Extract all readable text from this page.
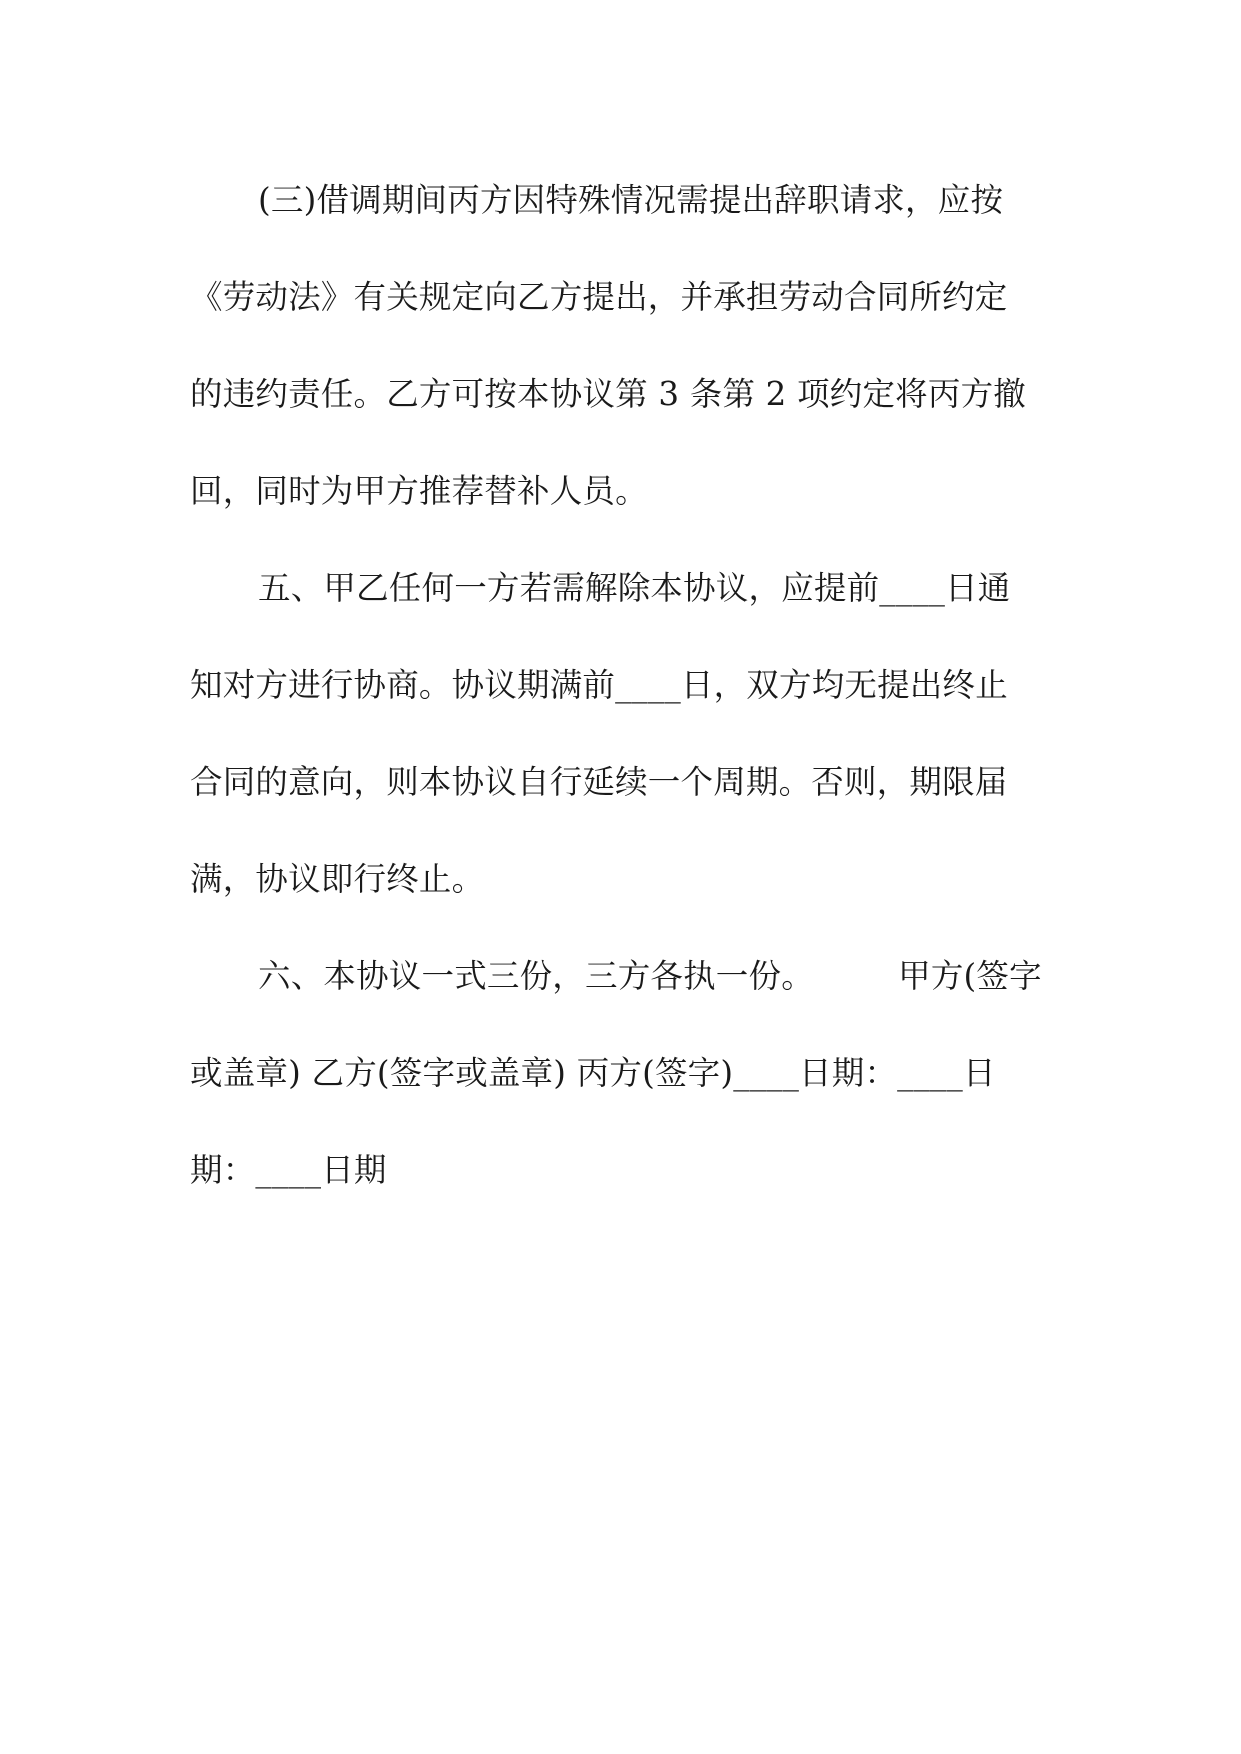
(三)借调期间丙方因特殊情况需提出辞职请求，应按
《劳动法》有关规定向乙方提出，并承担劳动合同所约定
的违约责任。乙方可按本协议第 3 条第 2 项约定将丙方撤
回，同时为甲方推荐替补人员。
五、甲乙任何一方若需解除本协议，应提前____日通
知对方进行协商。协议期满前____日，双方均无提出终止
合同的意向，则本协议自行延续一个周期。否则，期限届
满，协议即行终止。
六、本协议一式三份，三方各执一份。        甲方(签字
或盖章) 乙方(签字或盖章) 丙方(签字)____日期：____日
期：____日期
